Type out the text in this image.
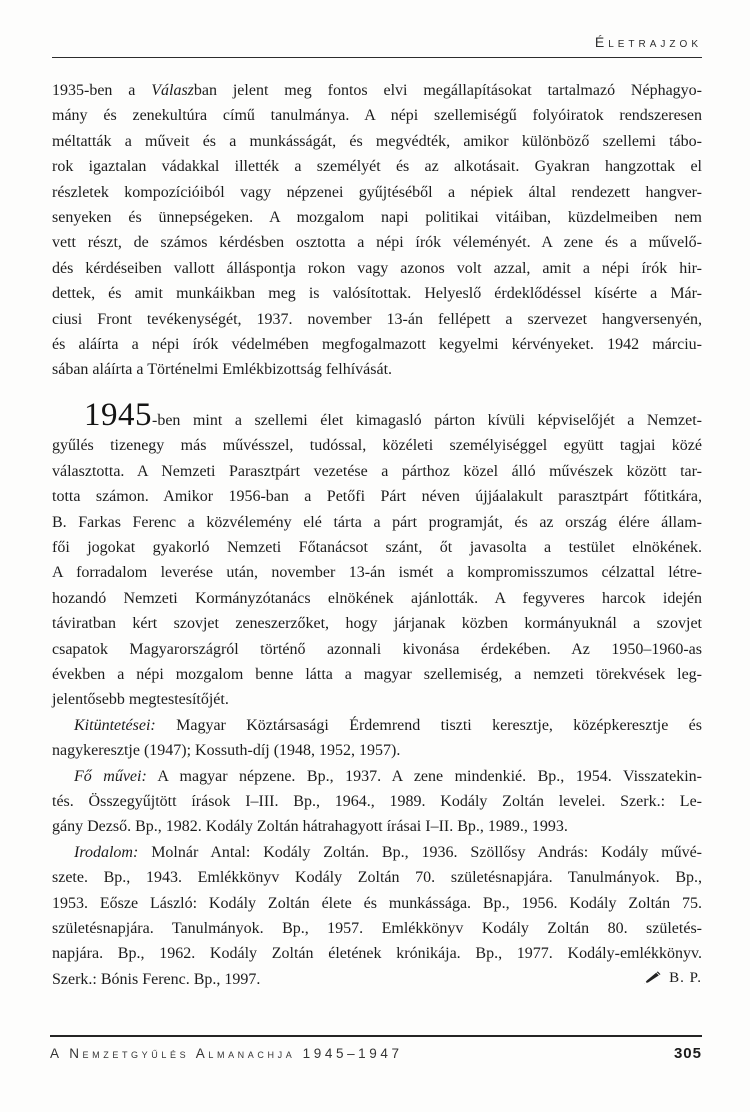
Életrajzok
1935-ben a Válaszban jelent meg fontos elvi megállapításokat tartalmazó Néphagyo-
mány és zenekultúra című tanulmánya. A népi szellemiségű folyóiratok rendszeresen
méltatták a műveit és a munkásságát, és megvédték, amikor különböző szellemi tábo-
rok igaztalan vádakkal illették a személyét és az alkotásait. Gyakran hangzottak el
részletek kompozícióiból vagy népzenei gyűjtéséből a népiek által rendezett hangver-
senyeken és ünnepségeken. A mozgalom napi politikai vitáiban, küzdelmeiben nem
vett részt, de számos kérdésben osztotta a népi írók véleményét. A zene és a művelő-
dés kérdéseiben vallott álláspontja rokon vagy azonos volt azzal, amit a népi írók hir-
dettek, és amit munkáikban meg is valósítottak. Helyeslő érdeklődéssel kísérte a Már-
ciusi Front tevékenységét, 1937. november 13-án fellépett a szervezet hangversenyén,
és aláírta a népi írók védelmében megfogalmazott kegyelmi kérvényeket. 1942 márciu-
sában aláírta a Történelmi Emlékbizottság felhívását.
1945-ben mint a szellemi élet kimagasló párton kívüli képviselőjét a Nemzet-
gyűlés tizenegy más művésszel, tudóssal, közéleti személyiséggel együtt tagjai közé
választotta. A Nemzeti Parasztpárt vezetése a párthoz közel álló művészek között tar-
totta számon. Amikor 1956-ban a Petőfi Párt néven újjáalakult parasztpárt főtitkára,
B. Farkas Ferenc a közvélemény elé tárta a párt programját, és az ország élére állam-
fői jogokat gyakorló Nemzeti Főtanácsot szánt, őt javasolta a testület elnökének.
A forradalom leverése után, november 13-án ismét a kompromisszumos célzattal létre-
hozandó Nemzeti Kormányzótanács elnökének ajánlották. A fegyveres harcok idején
táviratban kért szovjet zeneszerzőket, hogy járjanak közben kormányuknál a szovjet
csapatok Magyarországról történő azonnali kivonása érdekében. Az 1950–1960-as
években a népi mozgalom benne látta a magyar szellemiség, a nemzeti törekvések leg-
jelentősebb megtestesítőjét.
Kitüntetései: Magyar Köztársasági Érdemrend tiszti keresztje, középkeresztje és
nagykeresztje (1947); Kossuth-díj (1948, 1952, 1957).
Fő művei: A magyar népzene. Bp., 1937. A zene mindenkié. Bp., 1954. Visszatekin-
tés. Összegyűjtött írások I–III. Bp., 1964., 1989. Kodály Zoltán levelei. Szerk.: Le-
gány Dezső. Bp., 1982. Kodály Zoltán hátrahagyott írásai I–II. Bp., 1989., 1993.
Irodalom: Molnár Antal: Kodály Zoltán. Bp., 1936. Szöllősy András: Kodály művé-
szete. Bp., 1943. Emlékkönyv Kodály Zoltán 70. születésnapjára. Tanulmányok. Bp.,
1953. Eősze László: Kodály Zoltán élete és munkássága. Bp., 1956. Kodály Zoltán 75.
születésnapjára. Tanulmányok. Bp., 1957. Emlékkönyv Kodály Zoltán 80. születés-
napjára. Bp., 1962. Kodály Zoltán életének krónikája. Bp., 1977. Kodály-emlékkönyv.
Szerk.: Bónis Ferenc. Bp., 1997.	B. P.
A Nemzetgyűlés Almanachja 1945–1947	305
